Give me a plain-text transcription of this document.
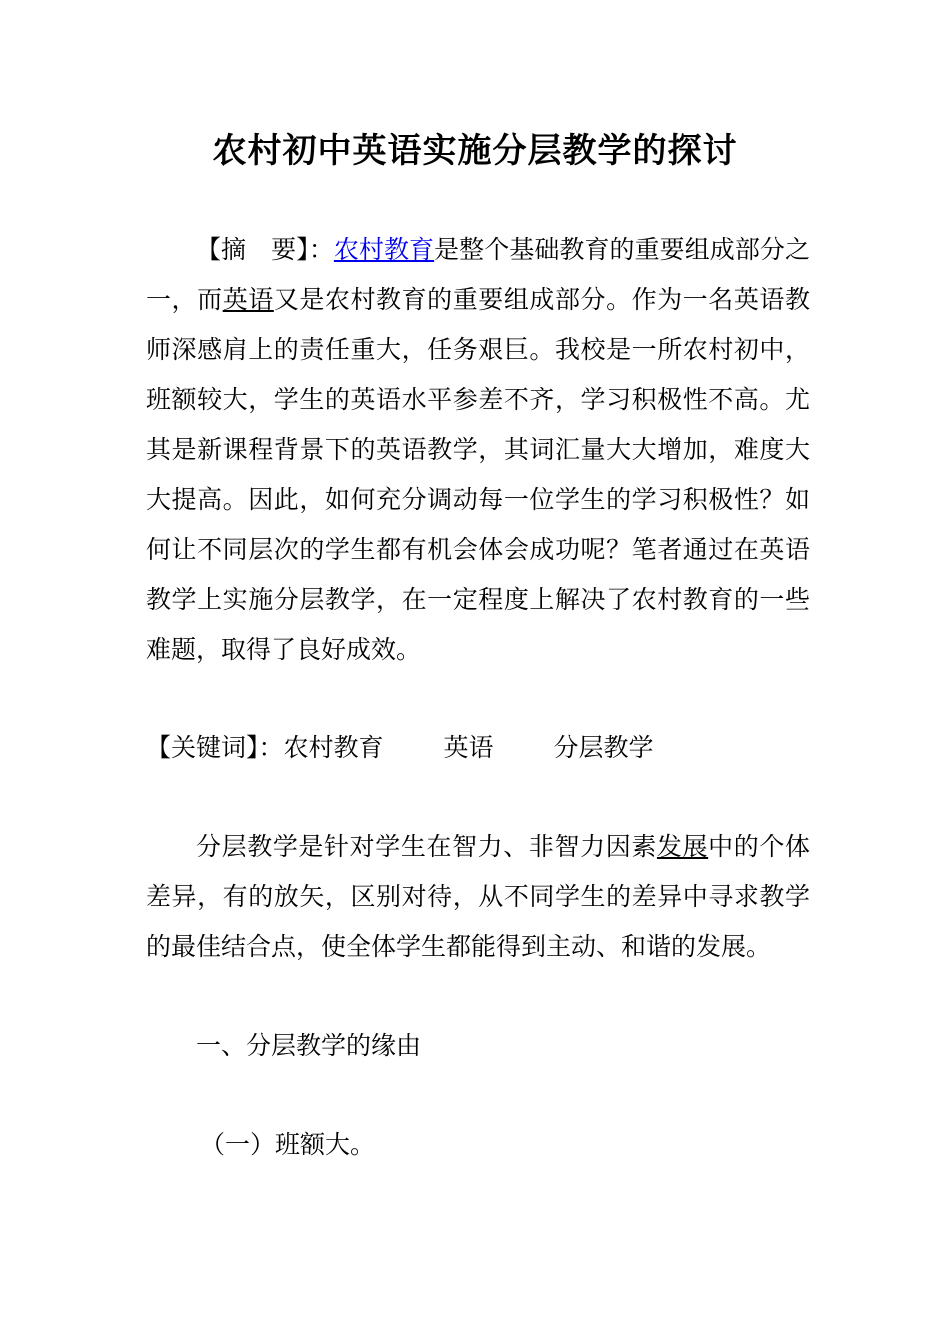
农村初中英语实施分层教学的探讨
【摘　要】：农村教育是整个基础教育的重要组成部分之一，而英语又是农村教育的重要组成部分。作为一名英语教师深感肩上的责任重大，任务艰巨。我校是一所农村初中，班额较大，学生的英语水平参差不齐，学习积极性不高。尤其是新课程背景下的英语教学，其词汇量大大增加，难度大大提高。因此，如何充分调动每一位学生的学习积极性？如何让不同层次的学生都有机会体会成功呢？笔者通过在英语教学上实施分层教学，在一定程度上解决了农村教育的一些难题，取得了良好成效。
【关键词】：农村教育 英语 分层教学
分层教学是针对学生在智力、非智力因素发展中的个体差异，有的放矢，区别对待，从不同学生的差异中寻求教学的最佳结合点，使全体学生都能得到主动、和谐的发展。
一、分层教学的缘由
（一）班额大。
